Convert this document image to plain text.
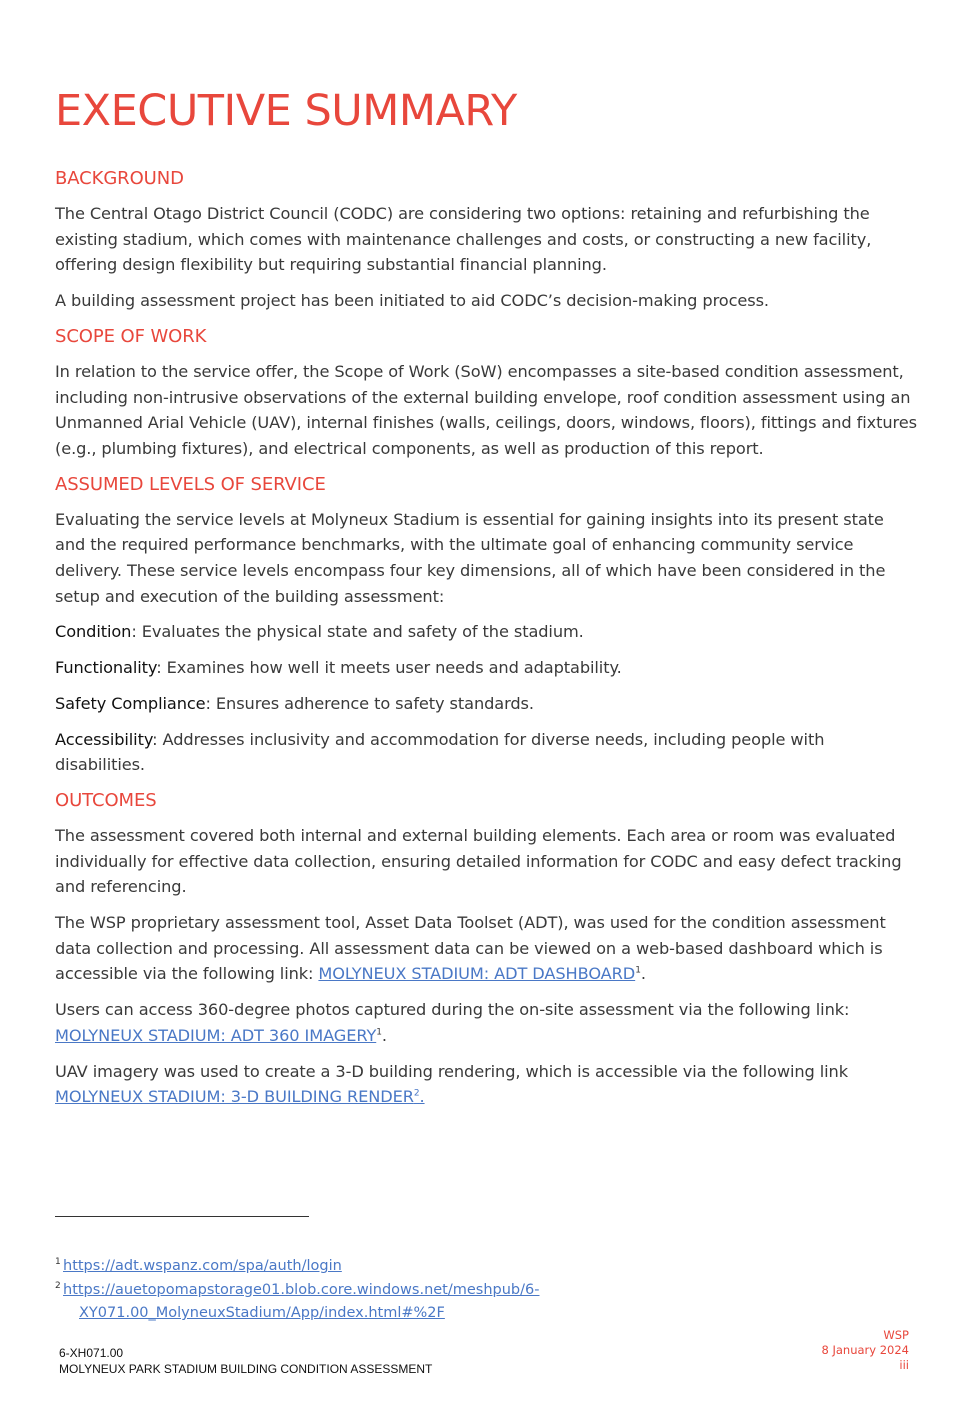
EXECUTIVE SUMMARY
BACKGROUND

The Central Otago District Council (CODC) are considering two options: retaining and refurbishing the existing stadium, which comes with maintenance challenges and costs, or constructing a new facility, offering design flexibility but requiring substantial financial planning.

A building assessment project has been initiated to aid CODC’s decision-making process.

SCOPE OF WORK

In relation to the service offer, the Scope of Work (SoW) encompasses a site-based condition assessment, including non-intrusive observations of the external building envelope, roof condition assessment using an Unmanned Arial Vehicle (UAV), internal finishes (walls, ceilings, doors, windows, floors), fittings and fixtures (e.g., plumbing fixtures), and electrical components, as well as production of this report.

ASSUMED LEVELS OF SERVICE

Evaluating the service levels at Molyneux Stadium is essential for gaining insights into its present state and the required performance benchmarks, with the ultimate goal of enhancing community service delivery. These service levels encompass four key dimensions, all of which have been considered in the setup and execution of the building assessment:

Condition: Evaluates the physical state and safety of the stadium.

Functionality: Examines how well it meets user needs and adaptability.

Safety Compliance: Ensures adherence to safety standards.

Accessibility: Addresses inclusivity and accommodation for diverse needs, including people with disabilities.

OUTCOMES

The assessment covered both internal and external building elements. Each area or room was evaluated individually for effective data collection, ensuring detailed information for CODC and easy defect tracking and referencing.

The WSP proprietary assessment tool, Asset Data Toolset (ADT), was used for the condition assessment data collection and processing. All assessment data can be viewed on a web-based dashboard which is accessible via the following link: MOLYNEUX STADIUM: ADT DASHBOARD$^1$.

Users can access 360-degree photos captured during the on-site assessment via the following link: MOLYNEUX STADIUM: ADT 360 IMAGERY$^1$.

UAV imagery was used to create a 3-D building rendering, which is accessible via the following link MOLYNEUX STADIUM: 3-D BUILDING RENDER$^2$.

1 https://adt.wspanz.com/spa/auth/login
2 https://auetopomapstorage01.blob.core.windows.net/meshpub/6-
XY071.00_MolyneuxStadium/App/index.html#%2F
6-XH071.00
MOLYNEUX PARK STADIUM BUILDING CONDITION ASSESSMENT
WSP
8 January 2024
iii
